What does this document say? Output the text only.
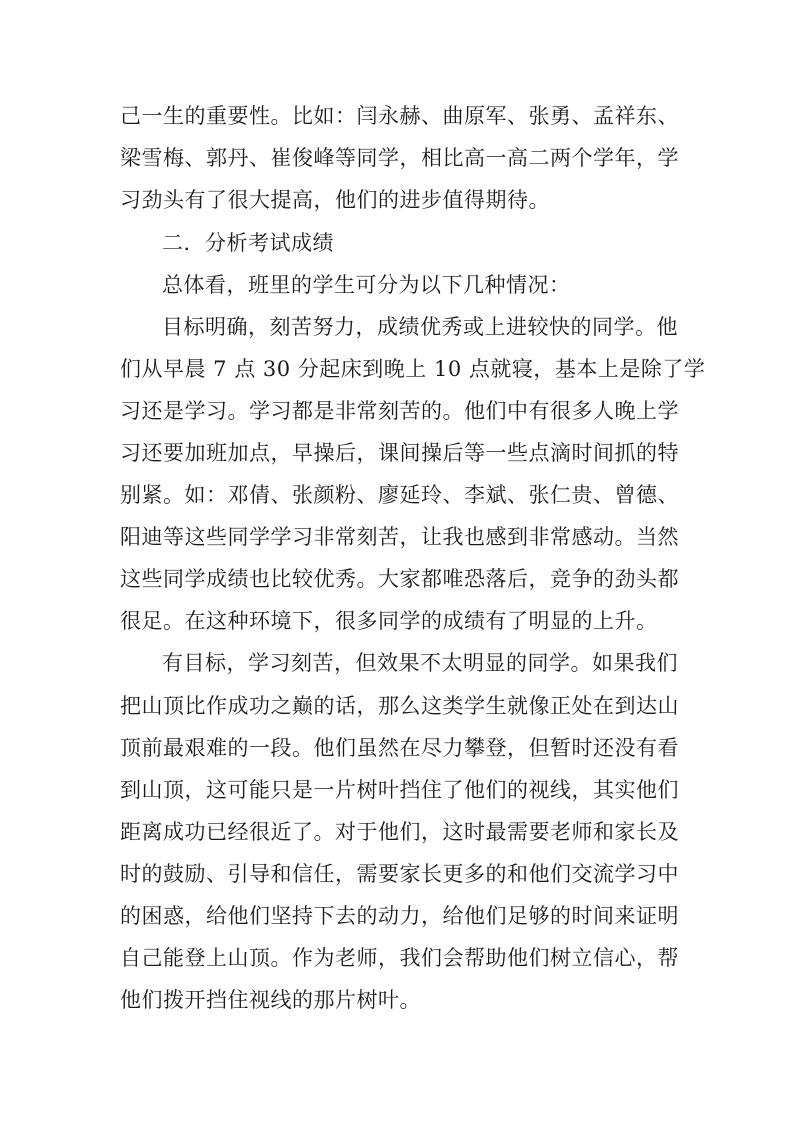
己一生的重要性。比如：闫永赫、曲原军、张勇、孟祥东、
梁雪梅、郭丹、崔俊峰等同学，相比高一高二两个学年，学
习劲头有了很大提高，他们的进步值得期待。
二．分析考试成绩
总体看，班里的学生可分为以下几种情况：
目标明确，刻苦努力，成绩优秀或上进较快的同学。他
们从早晨 7 点 30 分起床到晚上 10 点就寝，基本上是除了学
习还是学习。学习都是非常刻苦的。他们中有很多人晚上学
习还要加班加点，早操后，课间操后等一些点滴时间抓的特
别紧。如：邓倩、张颜粉、廖延玲、李斌、张仁贵、曾德、
阳迪等这些同学学习非常刻苦，让我也感到非常感动。当然
这些同学成绩也比较优秀。大家都唯恐落后，竞争的劲头都
很足。在这种环境下，很多同学的成绩有了明显的上升。
有目标，学习刻苦，但效果不太明显的同学。如果我们
把山顶比作成功之巅的话，那么这类学生就像正处在到达山
顶前最艰难的一段。他们虽然在尽力攀登，但暂时还没有看
到山顶，这可能只是一片树叶挡住了他们的视线，其实他们
距离成功已经很近了。对于他们，这时最需要老师和家长及
时的鼓励、引导和信任，需要家长更多的和他们交流学习中
的困惑，给他们坚持下去的动力，给他们足够的时间来证明
自己能登上山顶。作为老师，我们会帮助他们树立信心，帮
他们拨开挡住视线的那片树叶。
